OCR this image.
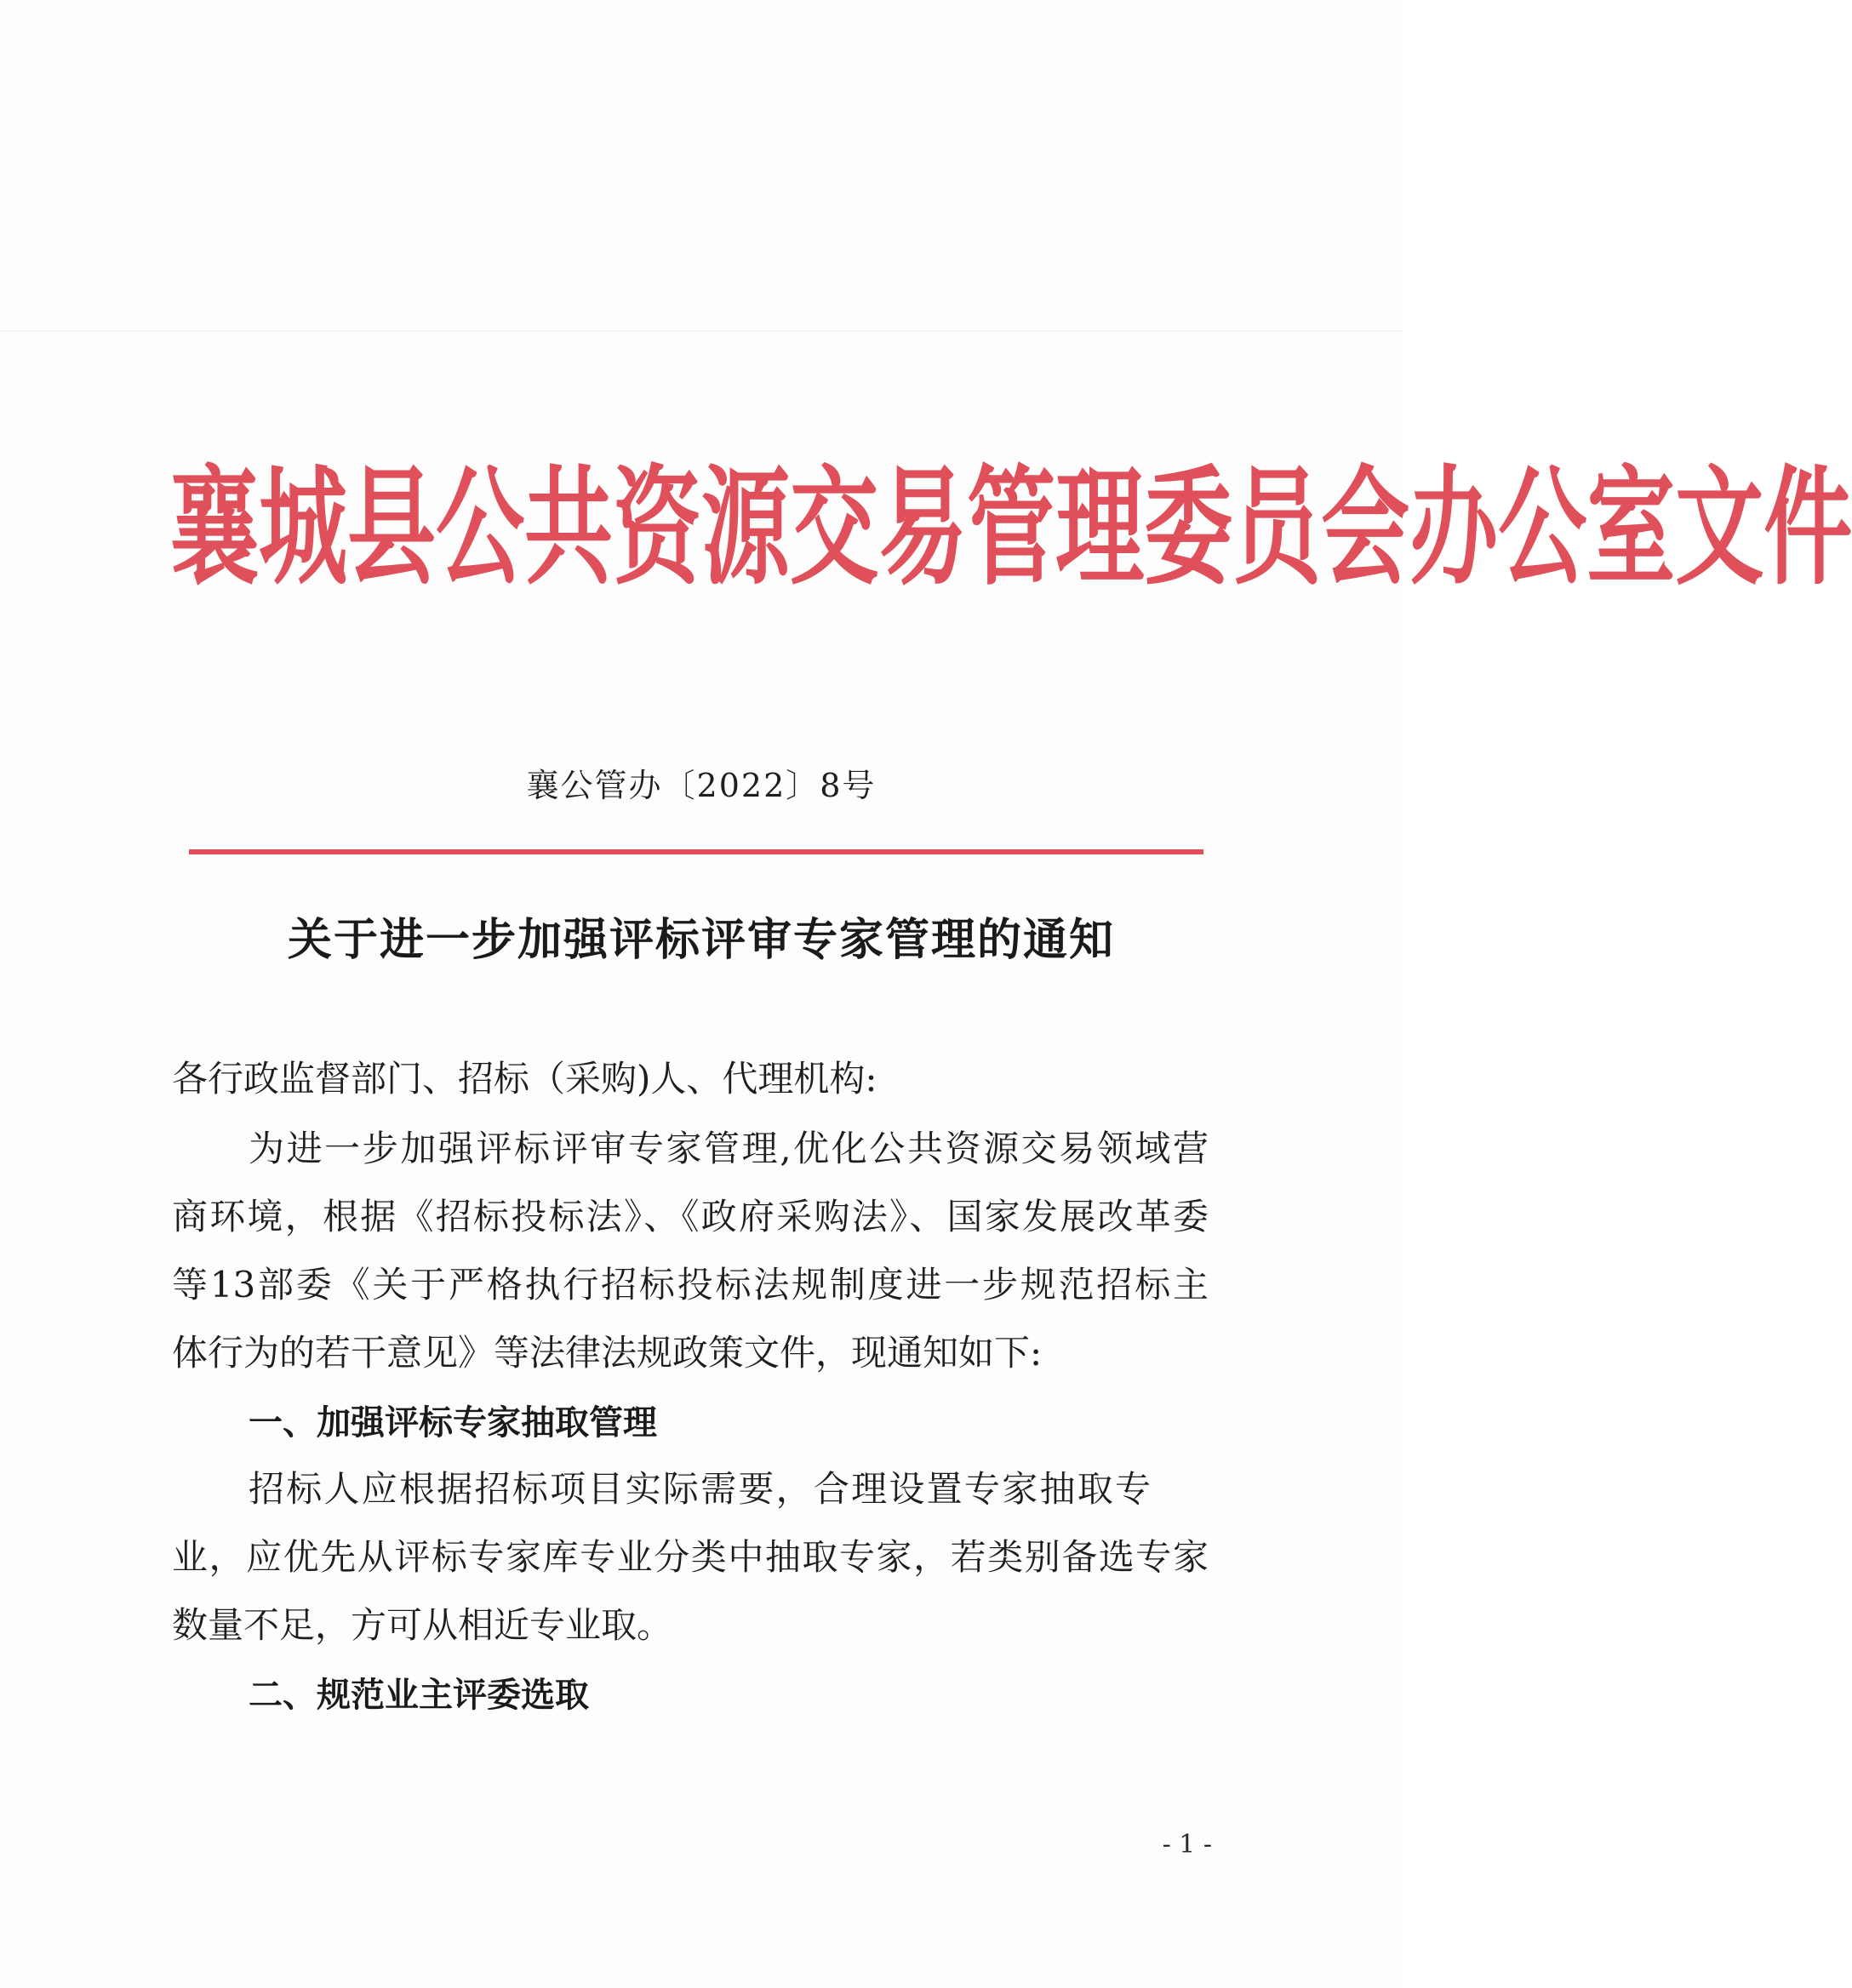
襄 城 县 公 共 资 源 交 易 管 理 委 员 会 办 公 室 文 件
襄公管办〔2022〕8号
关于进一步加强评标评审专家管理的通知
各行政监督部门、招标（采购)人、代理机构:
为进一步加强评标评审专家管理,优化公共资源交易领域营
商环境，根据《招标投标法》、《政府采购法》、国家发展改革委
等13部委《关于严格执行招标投标法规制度进一步规范招标主
体行为的若干意见》等法律法规政策文件，现通知如下:
一、加强评标专家抽取管理
招标人应根据招标项目实际需要，合理设置专家抽取专
业，应优先从评标专家库专业分类中抽取专家，若类别备选专家
数量不足，方可从相近专业取。
二、规范业主评委选取
- 1 -
